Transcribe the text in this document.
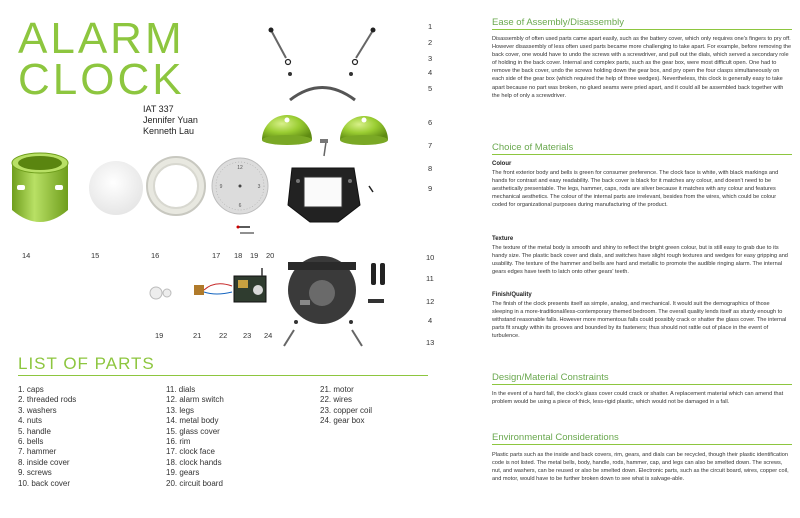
ALARM
CLOCK
IAT 337
Jennifer Yuan
Kenneth Lau
12
6
9	3
1
2
3
4
5
6
7
8
9
10
11
12
4
13
14	15	16	17 18 19 20
19	21 22 23 24
LIST OF PARTS
1. caps
2. threaded rods
3. washers
4. nuts
5. handle
6. bells
7. hammer
8. inside cover
9. screws
10. back cover
11. dials
12. alarm switch
13. legs
14. metal body
15. glass cover
16. rim
17. clock face
18. clock hands
19. gears
20. circuit board
21. motor
22. wires
23. copper coil
24. gear box
Ease of Assembly/Disassembly
Disassembly of often used parts came apart easily, such as the battery cover, which only requires one's fingers to pry off. However disassembly of less often used parts became more challenging to take apart. For example, before removing the back cover, one would have to undo the screws with a screwdriver, and pull out the dials, which served a secondary role of holding in the back cover. Internal and complex parts, such as the gear box, were most difficult open. One had to remove the back cover, undo the screws holding down the gear box, and pry open the four clasps simultaneously on each side of the gear box (which required the help of three wedges). Nevertheless, this clock is generally easy to take apart because no part was broken, no glued seams were pried apart, and it could all be assembled back together with the help of only a screwdriver.
Choice of Materials
Colour
The front exterior body and bells is green for consumer preference. The clock face is white, with black markings and hands for contrast and easy readability. The back cover is black for it matches any colour, and doesn't need to be aesthetically presentable. The legs, hammer, caps, rods are silver because it matches with any colour and features mechanical aesthetics. The colour of the internal parts are irrelevant, besides from the wires, which could be colour coded for organizational purposes during manufacturing of the product.
Texture
The texture of the metal body is smooth and shiny to reflect the bright green colour, but is still easy to grab due to its handy size. The plastic back cover and dials, and switches have slight rough textures and wedges for easy gripping and usability. The texture of the hammer and bells are hard and metallic to promote the audible ringing alarm. The internal gears edges have teeth to latch onto other gears' teeth.
Finish/Quality
The finish of the clock presents itself as simple, analog, and mechanical. It would suit the demographics of those sleeping in a more-traditional/less-contemporary themed bedroom. The overall quality lends itself as sturdy enough to withstand reasonable falls. However more momentous falls could possibly crack or shatter the glass cover. The internal parts fit snugly within its grooves and bounded by its fasteners; thus should not rattle out of place in the event of turbulence.
Design/Material Constraints
In the event of a hard fall, the clock's glass cover could crack or shatter. A replacement material which can amend that problem would be using a piece of thick, less-rigid plastic, which would not be damaged in a fall.
Environmental Considerations
Plastic parts such as the inside and back covers, rim, gears, and dials can be recycled, though their plastic identification code is not listed. The metal bells, body, handle, rods, hammer, cap, and legs can also be smelted down. The screws, nut, and washers, can be reused or also be smelted down. Electronic parts, such as the circuit board, wires, copper coil, and motor, would have to be further broken down to see what is salvage-able.
